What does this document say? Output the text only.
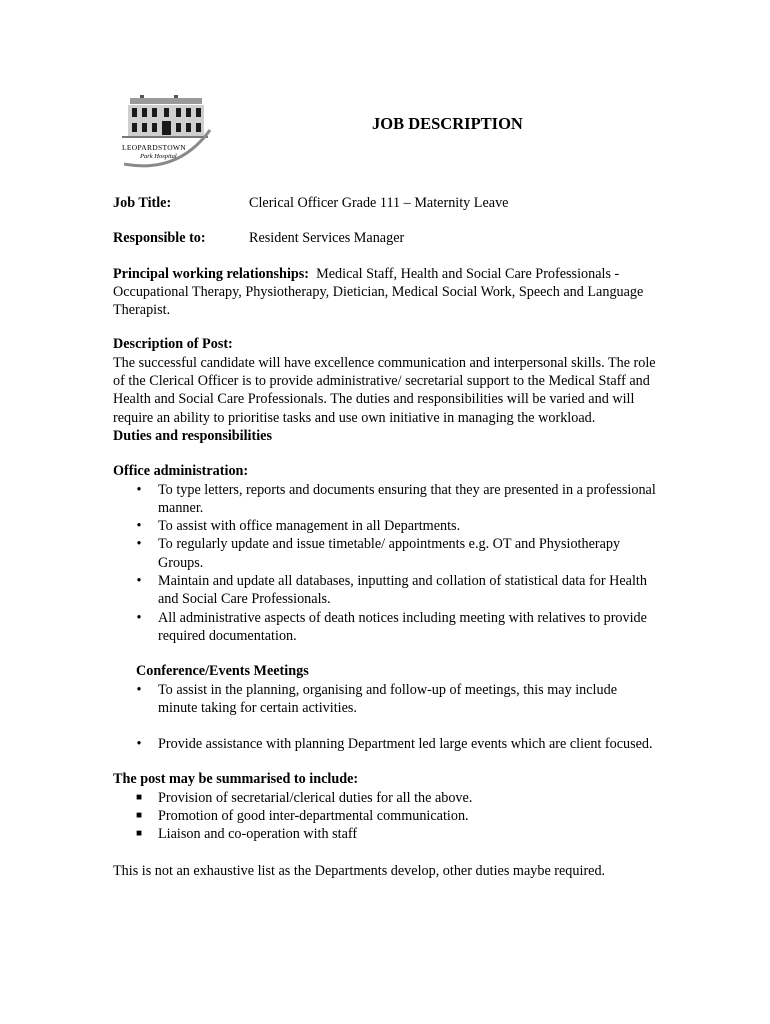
LEOPARDSTOWN
Park Hospital
JOB DESCRIPTION
Job Title:	Clerical Officer Grade 111 – Maternity Leave
Responsible to:	Resident Services Manager

Principal working relationships: Medical Staff, Health and Social Care Professionals - Occupational Therapy, Physiotherapy, Dietician, Medical Social Work, Speech and Language Therapist.

Description of Post:

The successful candidate will have excellence communication and interpersonal skills. The role of the Clerical Officer is to provide administrative/ secretarial support to the Medical Staff and Health and Social Care Professionals. The duties and responsibilities will be varied and will require an ability to prioritise tasks and use own initiative in managing the workload.

Duties and responsibilities

Office administration:

• To type letters, reports and documents ensuring that they are presented in a professional manner.
• To assist with office management in all Departments.
• To regularly update and issue timetable/ appointments e.g. OT and Physiotherapy Groups.
• Maintain and update all databases, inputting and collation of statistical data for Health and Social Care Professionals.
• All administrative aspects of death notices including meeting with relatives to provide required documentation.

Conference/Events Meetings

• To assist in the planning, organising and follow-up of meetings, this may include minute taking for certain activities.
• Provide assistance with planning Department led large events which are client focused.

The post may be summarised to include:

■ Provision of secretarial/clerical duties for all the above.
■ Promotion of good inter-departmental communication.
■ Liaison and co-operation with staff

This is not an exhaustive list as the Departments develop, other duties maybe required.
